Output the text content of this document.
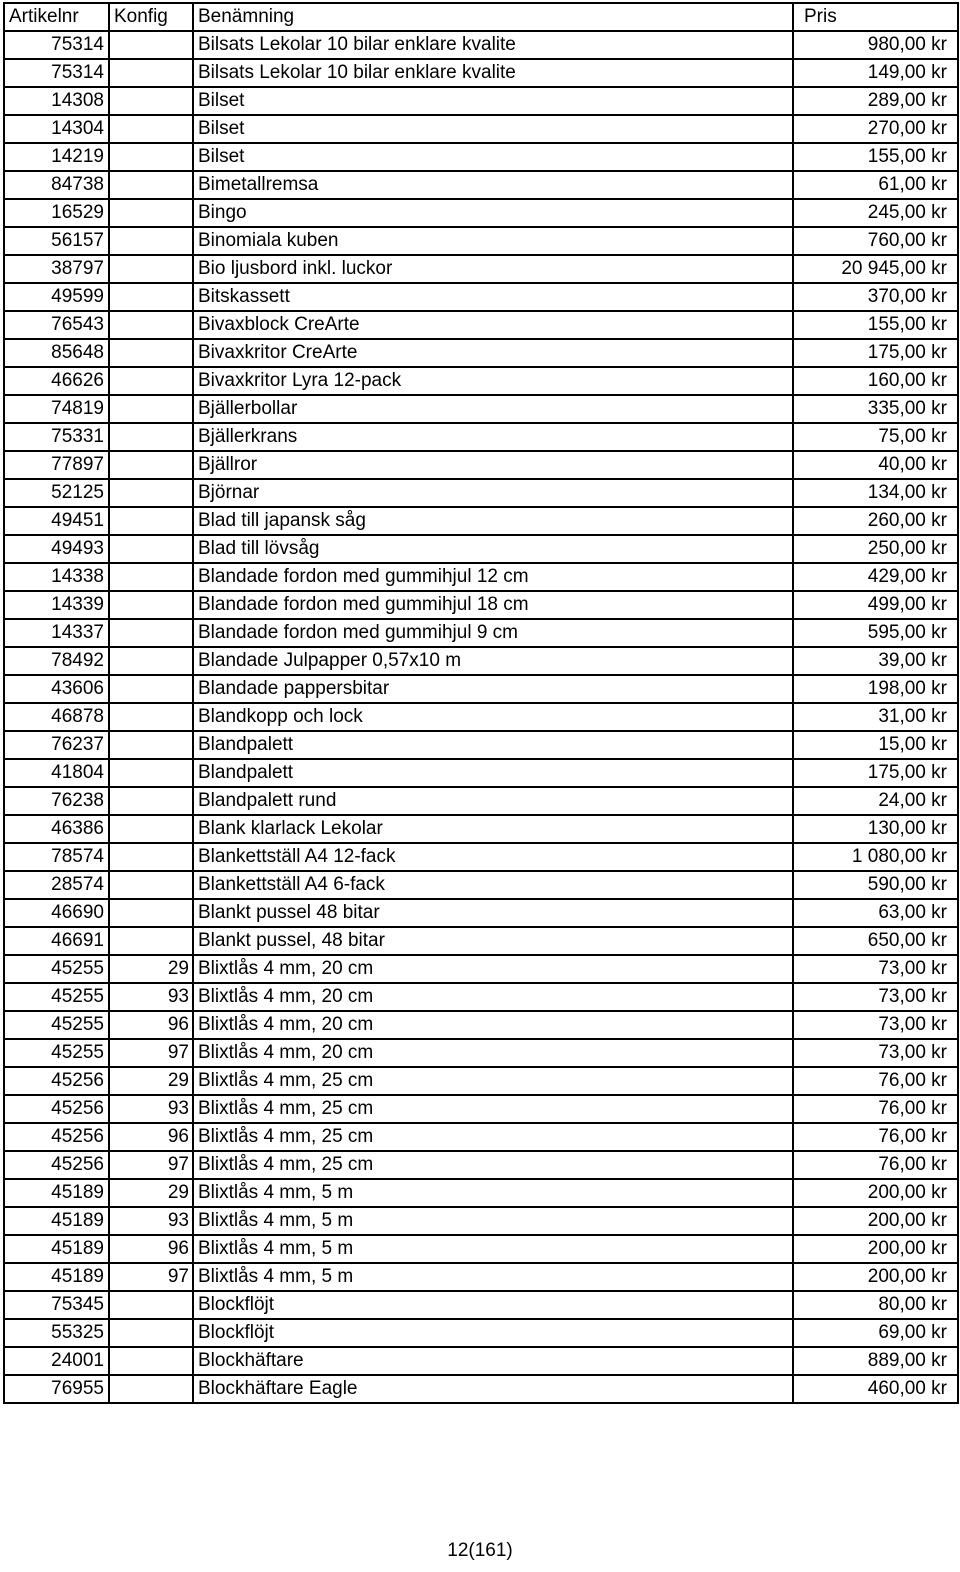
Artikelnr	Konfig	Benämning	Pris
75314		Bilsats Lekolar 10 bilar enklare kvalite	980,00 kr
75314		Bilsats Lekolar 10 bilar enklare kvalite	149,00 kr
14308		Bilset	289,00 kr
14304		Bilset	270,00 kr
14219		Bilset	155,00 kr
84738		Bimetallremsa	61,00 kr
16529		Bingo	245,00 kr
56157		Binomiala kuben	760,00 kr
38797		Bio ljusbord inkl. luckor	20 945,00 kr
49599		Bitskassett	370,00 kr
76543		Bivaxblock CreArte	155,00 kr
85648		Bivaxkritor CreArte	175,00 kr
46626		Bivaxkritor Lyra 12-pack	160,00 kr
74819		Bjällerbollar	335,00 kr
75331		Bjällerkrans	75,00 kr
77897		Bjällror	40,00 kr
52125		Björnar	134,00 kr
49451		Blad till japansk såg	260,00 kr
49493		Blad till lövsåg	250,00 kr
14338		Blandade fordon med gummihjul 12 cm	429,00 kr
14339		Blandade fordon med gummihjul 18 cm	499,00 kr
14337		Blandade fordon med gummihjul 9 cm	595,00 kr
78492		Blandade Julpapper 0,57x10 m	39,00 kr
43606		Blandade pappersbitar	198,00 kr
46878		Blandkopp och lock	31,00 kr
76237		Blandpalett	15,00 kr
41804		Blandpalett	175,00 kr
76238		Blandpalett rund	24,00 kr
46386		Blank klarlack Lekolar	130,00 kr
78574		Blankettställ A4 12-fack	1 080,00 kr
28574		Blankettställ A4 6-fack	590,00 kr
46690		Blankt pussel 48 bitar	63,00 kr
46691		Blankt pussel, 48 bitar	650,00 kr
45255	29	Blixtlås 4 mm, 20 cm	73,00 kr
45255	93	Blixtlås 4 mm, 20 cm	73,00 kr
45255	96	Blixtlås 4 mm, 20 cm	73,00 kr
45255	97	Blixtlås 4 mm, 20 cm	73,00 kr
45256	29	Blixtlås 4 mm, 25 cm	76,00 kr
45256	93	Blixtlås 4 mm, 25 cm	76,00 kr
45256	96	Blixtlås 4 mm, 25 cm	76,00 kr
45256	97	Blixtlås 4 mm, 25 cm	76,00 kr
45189	29	Blixtlås 4 mm, 5 m	200,00 kr
45189	93	Blixtlås 4 mm, 5 m	200,00 kr
45189	96	Blixtlås 4 mm, 5 m	200,00 kr
45189	97	Blixtlås 4 mm, 5 m	200,00 kr
75345		Blockflöjt	80,00 kr
55325		Blockflöjt	69,00 kr
24001		Blockhäftare	889,00 kr
76955		Blockhäftare Eagle	460,00 kr
12(161)
